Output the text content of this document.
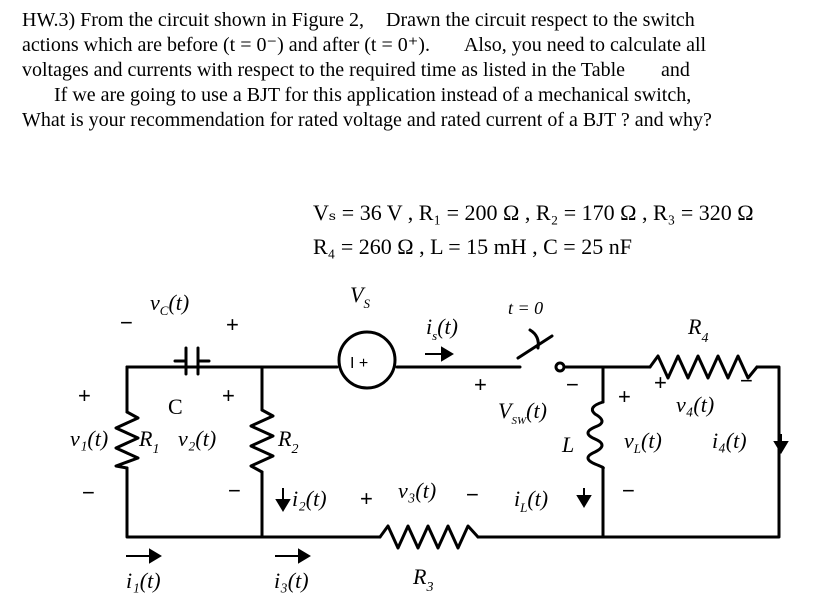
HW.3) From the circuit shown in Figure 2, Drawn the circuit respect to the switch
actions which are before (t = 0⁻) and after (t = 0⁺). Also, you need to calculate all
voltages and currents with respect to the required time as listed in the Table and
If we are going to use a BJT for this application instead of a mechanical switch,
What is your recommendation for rated voltage and rated current of a BJT ? and why?
Vₛ = 36 V , R₁ = 200 Ω , R₂ = 170 Ω , R₃ = 320 Ω
R₄ = 260 Ω , L = 15 mH , C = 25 nF
$v_C(t)$
−	+
C
$V_S$
I +
$i_s(t)$
t = 0
$R_4$
+
v₁(t)
−
$R_1$
+
v₂(t)
−
$R_2$
+
$V_{SW}(t)$
−
L
+
+
v₄(t)
−
$v_L(t)$ i₄(t)
−
$i_2(t) + v_3(t) - i_L(t)$
i₁(t)	i₃(t)	$R_3$
